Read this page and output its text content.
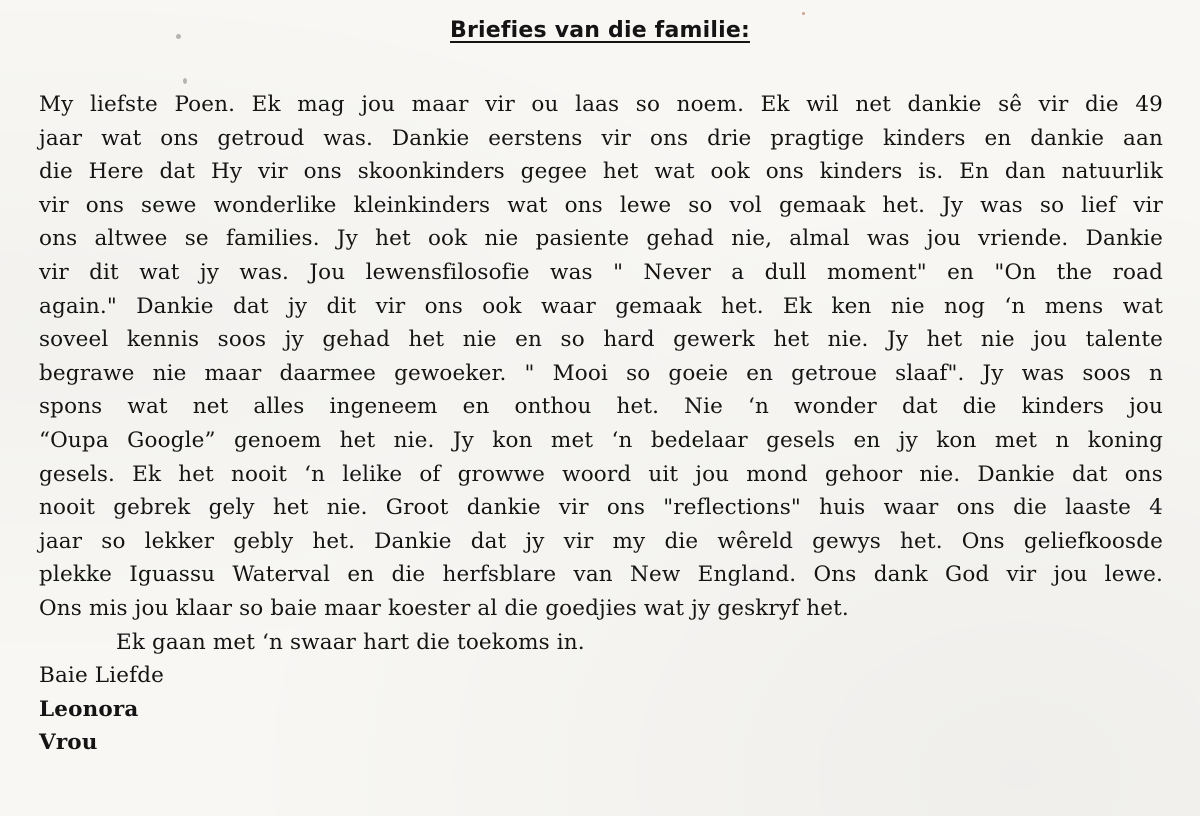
Briefies van die familie:
My liefste Poen. Ek mag jou maar vir ou laas so noem. Ek wil net dankie sê vir die 49
jaar wat ons getroud was. Dankie eerstens vir ons drie pragtige kinders en dankie aan
die Here dat Hy vir ons skoonkinders gegee het wat ook ons kinders is. En dan natuurlik
vir ons sewe wonderlike kleinkinders wat ons lewe so vol gemaak het. Jy was so lief vir
ons altwee se families. Jy het ook nie pasiente gehad nie, almal was jou vriende. Dankie
vir dit wat jy was. Jou lewensfilosofie was " Never a dull moment" en "On the road
again." Dankie dat jy dit vir ons ook waar gemaak het. Ek ken nie nog ‘n mens wat
soveel kennis soos jy gehad het nie en so hard gewerk het nie. Jy het nie jou talente
begrawe nie maar daarmee gewoeker. " Mooi so goeie en getroue slaaf". Jy was soos n
spons wat net alles ingeneem en onthou het. Nie ‘n wonder dat die kinders jou
“Oupa Google” genoem het nie. Jy kon met ‘n bedelaar gesels en jy kon met n koning
gesels. Ek het nooit ‘n lelike of growwe woord uit jou mond gehoor nie. Dankie dat ons
nooit gebrek gely het nie. Groot dankie vir ons "reflections" huis waar ons die laaste 4
jaar so lekker gebly het. Dankie dat jy vir my die wêreld gewys het. Ons geliefkoosde
plekke Iguassu Waterval en die herfsblare van New England. Ons dank God vir jou lewe.
Ons mis jou klaar so baie maar koester al die goedjies wat jy geskryf het.
Ek gaan met ‘n swaar hart die toekoms in.
Baie Liefde
Leonora
Vrou
